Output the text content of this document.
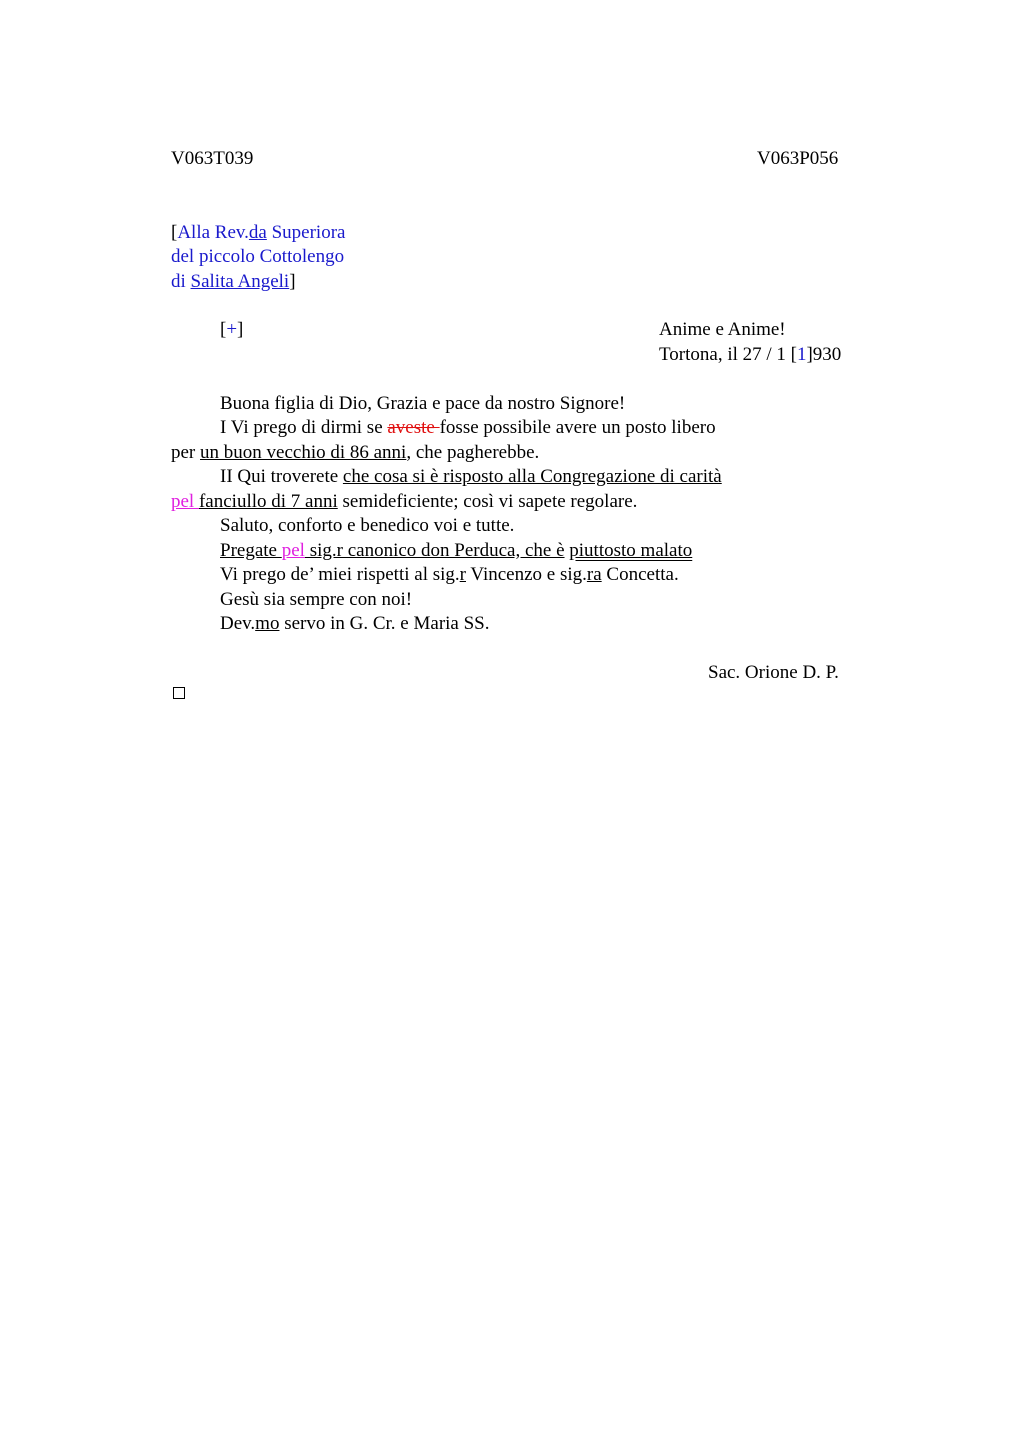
V063T039	V063P056
[Alla Rev.da Superiora
del piccolo Cottolengo
di Salita Angeli]
[+]	Anime e Anime!
Tortona, il 27 / 1 [1]930
Buona figlia di Dio, Grazia e pace da nostro Signore!
I Vi prego di dirmi se aveste fosse possibile avere un posto libero
per un buon vecchio di 86 anni, che pagherebbe.
II Qui troverete che cosa si è risposto alla Congregazione di carità
pel fanciullo di 7 anni semideficiente; così vi sapete regolare.
Saluto, conforto e benedico voi e tutte.
Pregate pel sig.r canonico don Perduca, che è piuttosto malato
Vi prego de’ miei rispetti al sig.r Vincenzo e sig.ra Concetta.
Gesù sia sempre con noi!
Dev.mo servo in G. Cr. e Maria SS.
Sac. Orione D. P.
